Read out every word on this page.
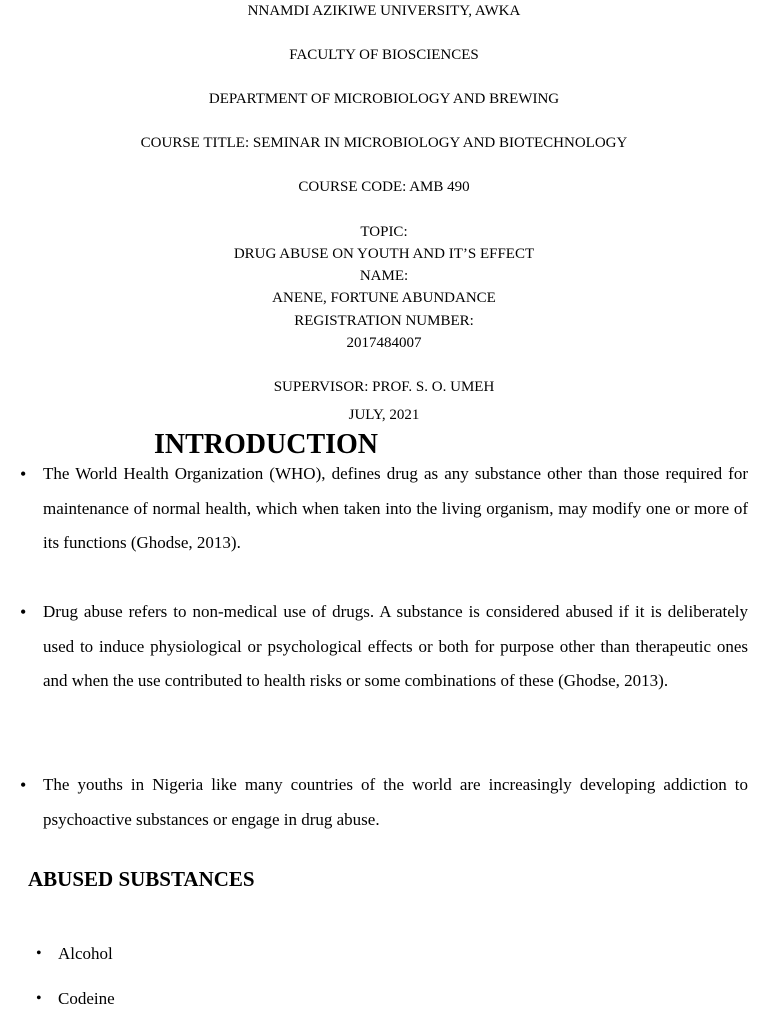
NNAMDI AZIKIWE UNIVERSITY, AWKA
FACULTY OF BIOSCIENCES
DEPARTMENT OF MICROBIOLOGY AND BREWING
COURSE TITLE: SEMINAR IN MICROBIOLOGY AND BIOTECHNOLOGY
COURSE CODE: AMB 490
TOPIC:
DRUG ABUSE ON YOUTH AND IT’S EFFECT
NAME:
ANENE, FORTUNE ABUNDANCE
REGISTRATION NUMBER:
2017484007
SUPERVISOR: PROF. S. O. UMEH
JULY, 2021
INTRODUCTION
• The World Health Organization (WHO), defines drug as any substance other than those required for maintenance of normal health, which when taken into the living organism, may modify one or more of its functions (Ghodse, 2013).
• Drug abuse refers to non-medical use of drugs. A substance is considered abused if it is deliberately used to induce physiological or psychological effects or both for purpose other than therapeutic ones and when the use contributed to health risks or some combinations of these (Ghodse, 2013).
• The youths in Nigeria like many countries of the world are increasingly developing addiction to psychoactive substances or engage in drug abuse.
ABUSED SUBSTANCES
• Alcohol
• Codeine
